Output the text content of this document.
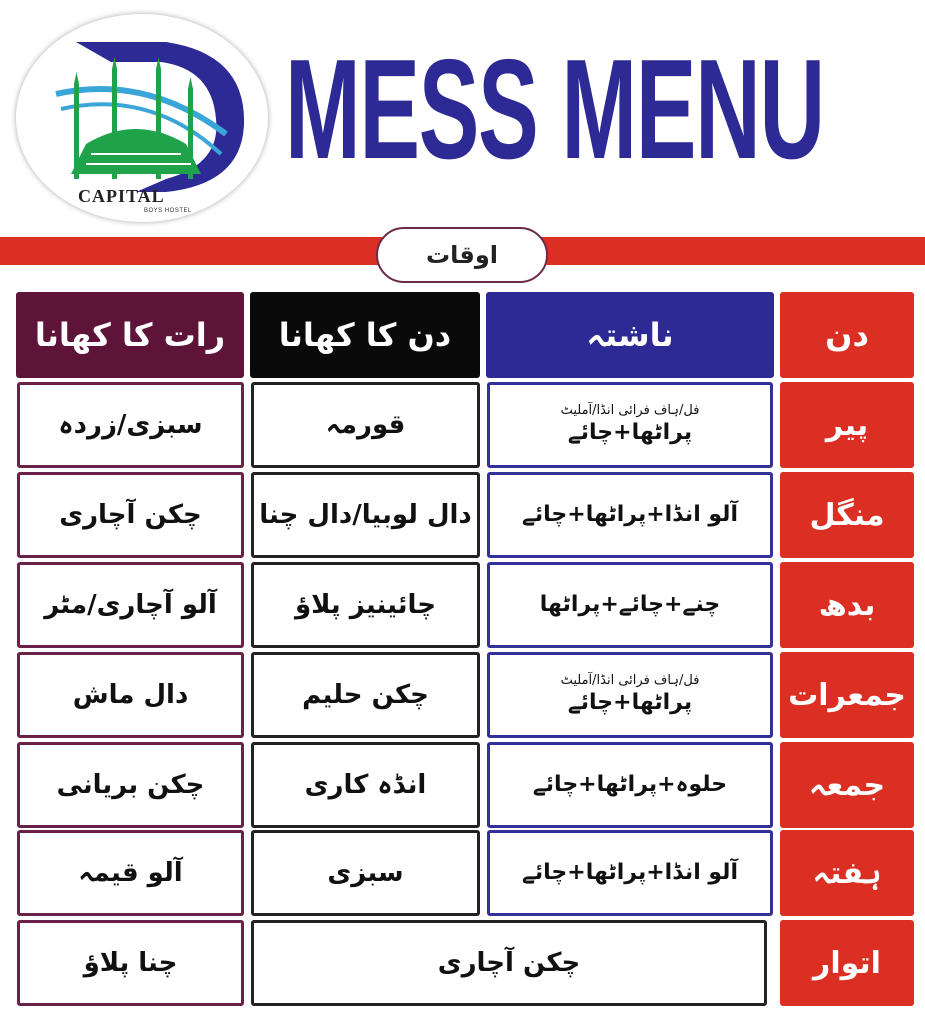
CAPITAL
BOYS HOSTEL
MESS MENU
اوقات
دن
ناشتہ
دن کا کھانا
رات کا کھانا
پیر
فل/ہاف فرائی انڈا/آملیٹ
پراٹھا+چائے
قورمہ
سبزی/زردہ
منگل
آلو انڈا+پراٹھا+چائے
دال لوبیا/دال چنا
چکن آچاری
بدھ
چنے+چائے+پراٹھا
چائینیز پلاؤ
آلو آچاری/مٹر
جمعرات
فل/ہاف فرائی انڈا/آملیٹ
پراٹھا+چائے
چکن حلیم
دال ماش
جمعہ
حلوہ+پراٹھا+چائے
انڈہ کاری
چکن بریانی
ہفتہ
آلو انڈا+پراٹھا+چائے
سبزی
آلو قیمہ
اتوار
چکن آچاری
چنا پلاؤ
